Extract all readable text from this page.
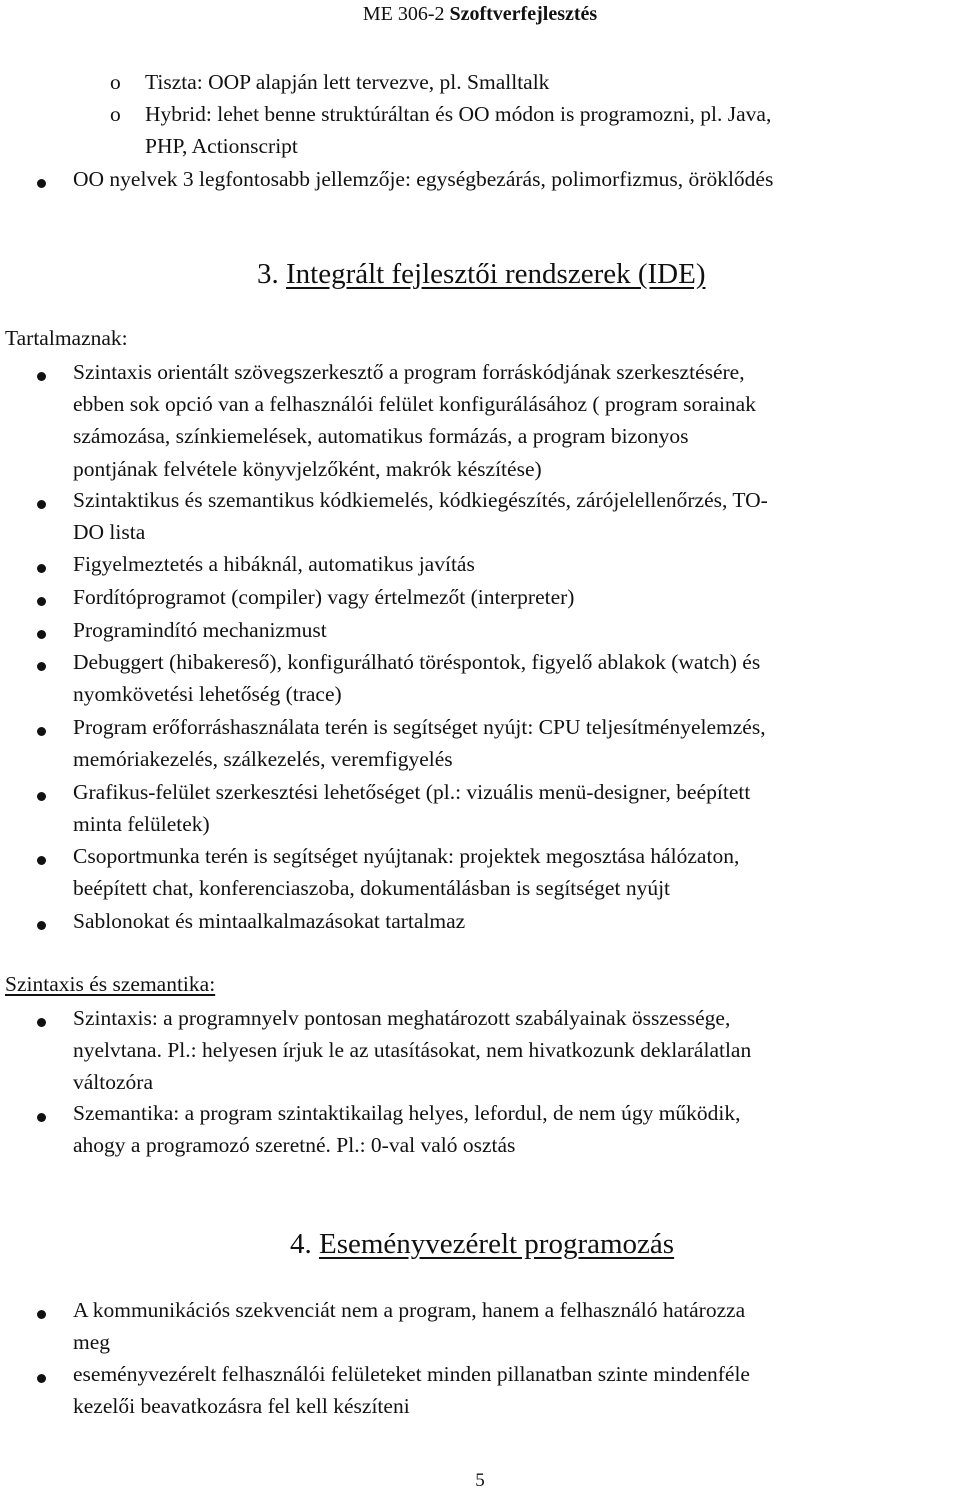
ME 306-2 Szoftverfejlesztés
o Tiszta: OOP alapján lett tervezve, pl. Smalltalk
o Hybrid: lehet benne struktúráltan és OO módon is programozni, pl. Java,
PHP, Actionscript
OO nyelvek 3 legfontosabb jellemzője: egységbezárás, polimorfizmus, öröklődés
3. Integrált fejlesztői rendszerek (IDE)
Tartalmaznak:
Szintaxis orientált szövegszerkesztő a program forráskódjának szerkesztésére,
ebben sok opció van a felhasználói felület konfigurálásához ( program sorainak
számozása, színkiemelések, automatikus formázás, a program bizonyos
pontjának felvétele könyvjelzőként, makrók készítése)
Szintaktikus és szemantikus kódkiemelés, kódkiegészítés, zárójelellenőrzés, TO-
DO lista
Figyelmeztetés a hibáknál, automatikus javítás
Fordítóprogramot (compiler) vagy értelmezőt (interpreter)
Programindító mechanizmust
Debuggert (hibakereső), konfigurálható töréspontok, figyelő ablakok (watch) és
nyomkövetési lehetőség (trace)
Program erőforráshasználata terén is segítséget nyújt: CPU teljesítményelemzés,
memóriakezelés, szálkezelés, veremfigyelés
Grafikus-felület szerkesztési lehetőséget (pl.: vizuális menü-designer, beépített
minta felületek)
Csoportmunka terén is segítséget nyújtanak: projektek megosztása hálózaton,
beépített chat, konferenciaszoba, dokumentálásban is segítséget nyújt
Sablonokat és mintaalkalmazásokat tartalmaz
Szintaxis és szemantika:
Szintaxis: a programnyelv pontosan meghatározott szabályainak összessége,
nyelvtana. Pl.: helyesen írjuk le az utasításokat, nem hivatkozunk deklarálatlan
változóra
Szemantika: a program szintaktikailag helyes, lefordul, de nem úgy működik,
ahogy a programozó szeretné. Pl.: 0-val való osztás
4. Eseményvezérelt programozás
A kommunikációs szekvenciát nem a program, hanem a felhasználó határozza
meg
eseményvezérelt felhasználói felületeket minden pillanatban szinte mindenféle
kezelői beavatkozásra fel kell készíteni
5
